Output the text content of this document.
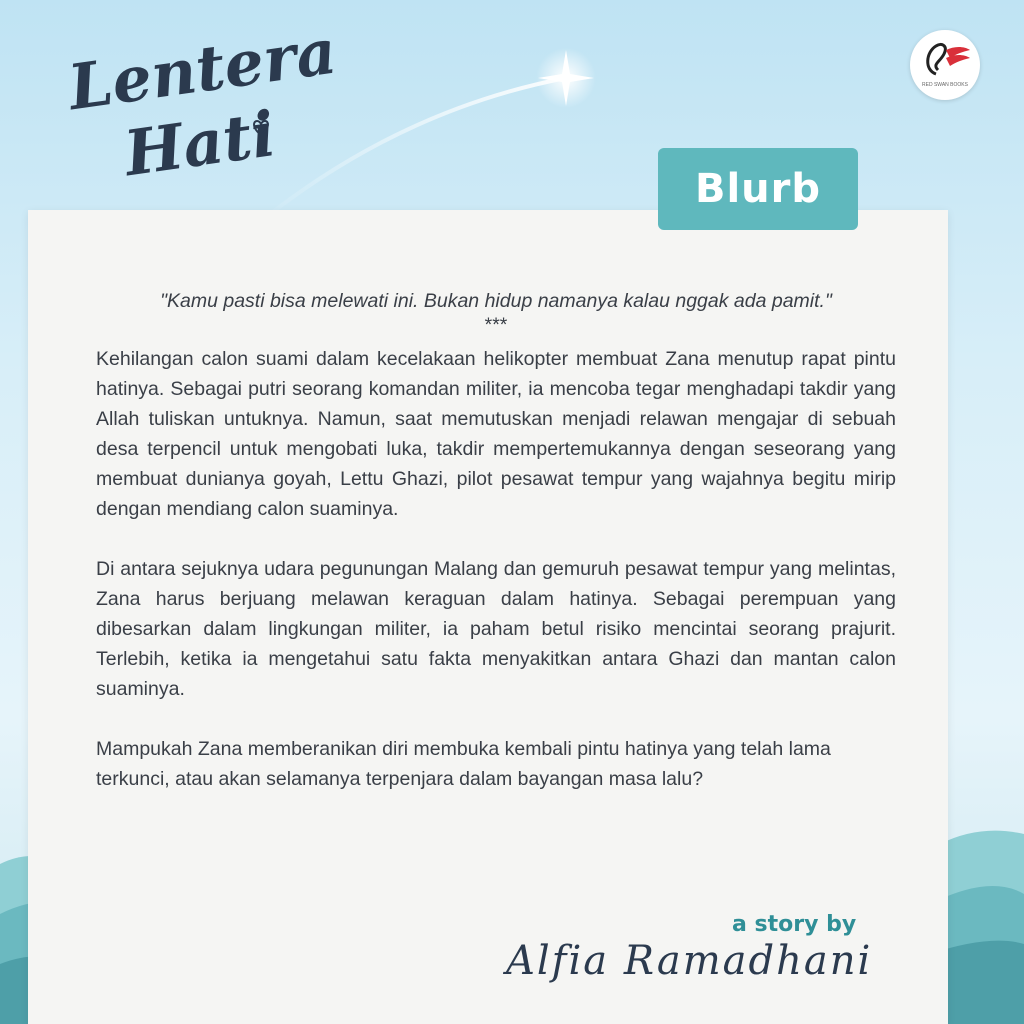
Lentera
Hati
RED SWAN BOOKS
Blurb
"Kamu pasti bisa melewati ini. Bukan hidup namanya kalau nggak ada pamit."
***

Kehilangan calon suami dalam kecelakaan helikopter membuat Zana menutup rapat pintu hatinya. Sebagai putri seorang komandan militer, ia mencoba tegar menghadapi takdir yang Allah tuliskan untuknya. Namun, saat memutuskan menjadi relawan mengajar di sebuah desa terpencil untuk mengobati luka, takdir mempertemukannya dengan seseorang yang membuat dunianya goyah, Lettu Ghazi, pilot pesawat tempur yang wajahnya begitu mirip dengan mendiang calon suaminya.

Di antara sejuknya udara pegunungan Malang dan gemuruh pesawat tempur yang melintas, Zana harus berjuang melawan keraguan dalam hatinya. Sebagai perempuan yang dibesarkan dalam lingkungan militer, ia paham betul risiko mencintai seorang prajurit. Terlebih, ketika ia mengetahui satu fakta menyakitkan antara Ghazi dan mantan calon suaminya.

Mampukah Zana memberanikan diri membuka kembali pintu hatinya yang telah lama terkunci, atau akan selamanya terpenjara dalam bayangan masa lalu?

a story by
Alfia Ramadhani
